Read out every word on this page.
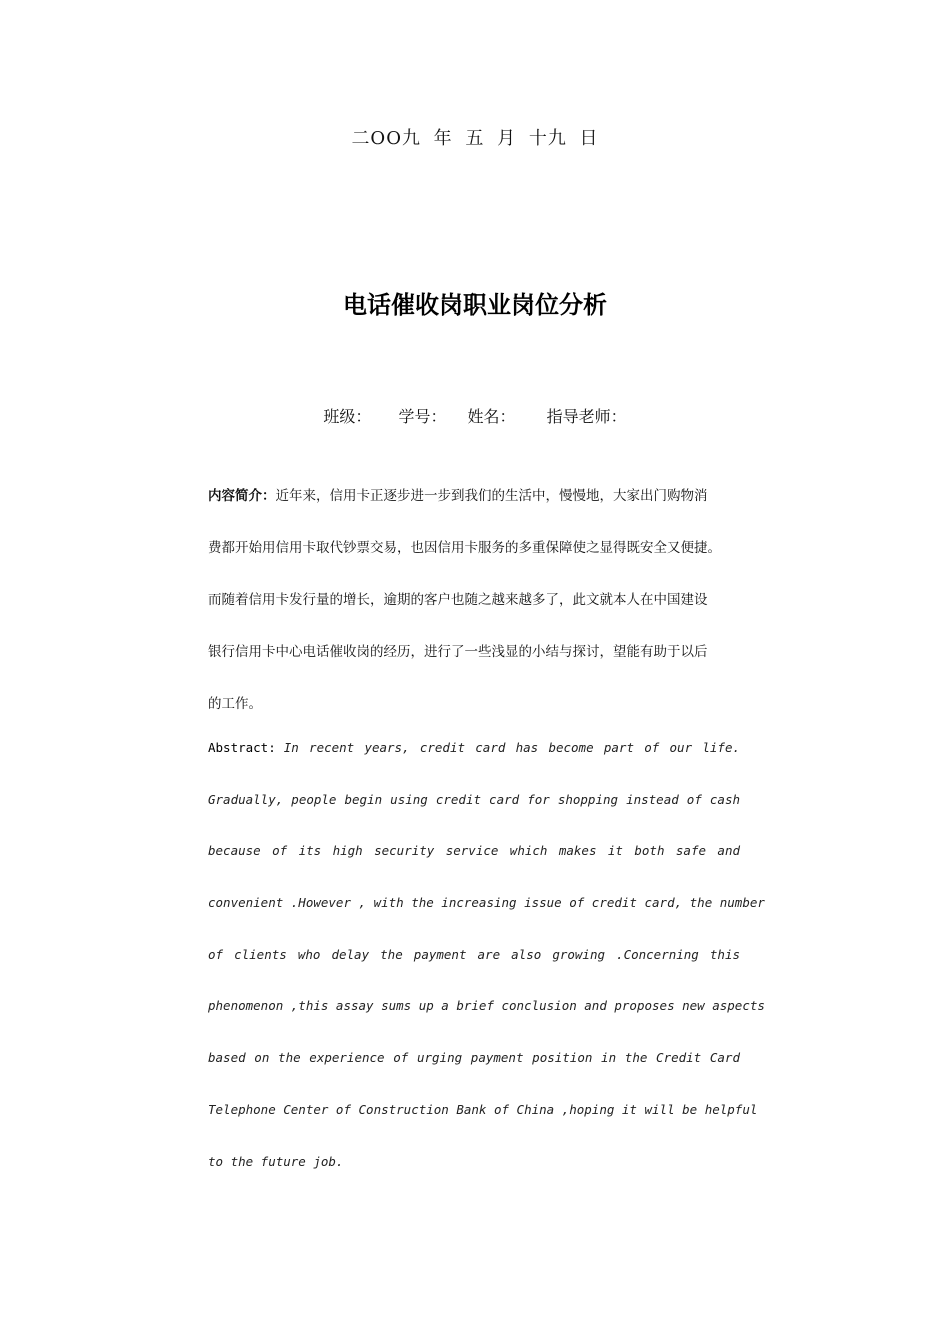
二OO九 年 五 月 十九 日
电话催收岗职业岗位分析
班级： 学号： 姓名： 指导老师：
内容简介：近年来，信用卡正逐步进一步到我们的生活中，慢慢地，大家出门购物消
费都开始用信用卡取代钞票交易，也因信用卡服务的多重保障使之显得既安全又便捷。
而随着信用卡发行量的增长，逾期的客户也随之越来越多了，此文就本人在中国建设
银行信用卡中心电话催收岗的经历，进行了一些浅显的小结与探讨，望能有助于以后
的工作。
Abstract: In recent years, credit card has become part of our life.
Gradually, people begin using credit card for shopping instead of cash
because of its high security service which makes it both safe and
convenient .However , with the increasing issue of credit card, the number
of clients who delay the payment are also growing .Concerning this
phenomenon ,this assay sums up a brief conclusion and proposes new aspects
based on the experience of urging payment position in the Credit Card
Telephone Center of Construction Bank of China ,hoping it will be helpful
to the future job.
